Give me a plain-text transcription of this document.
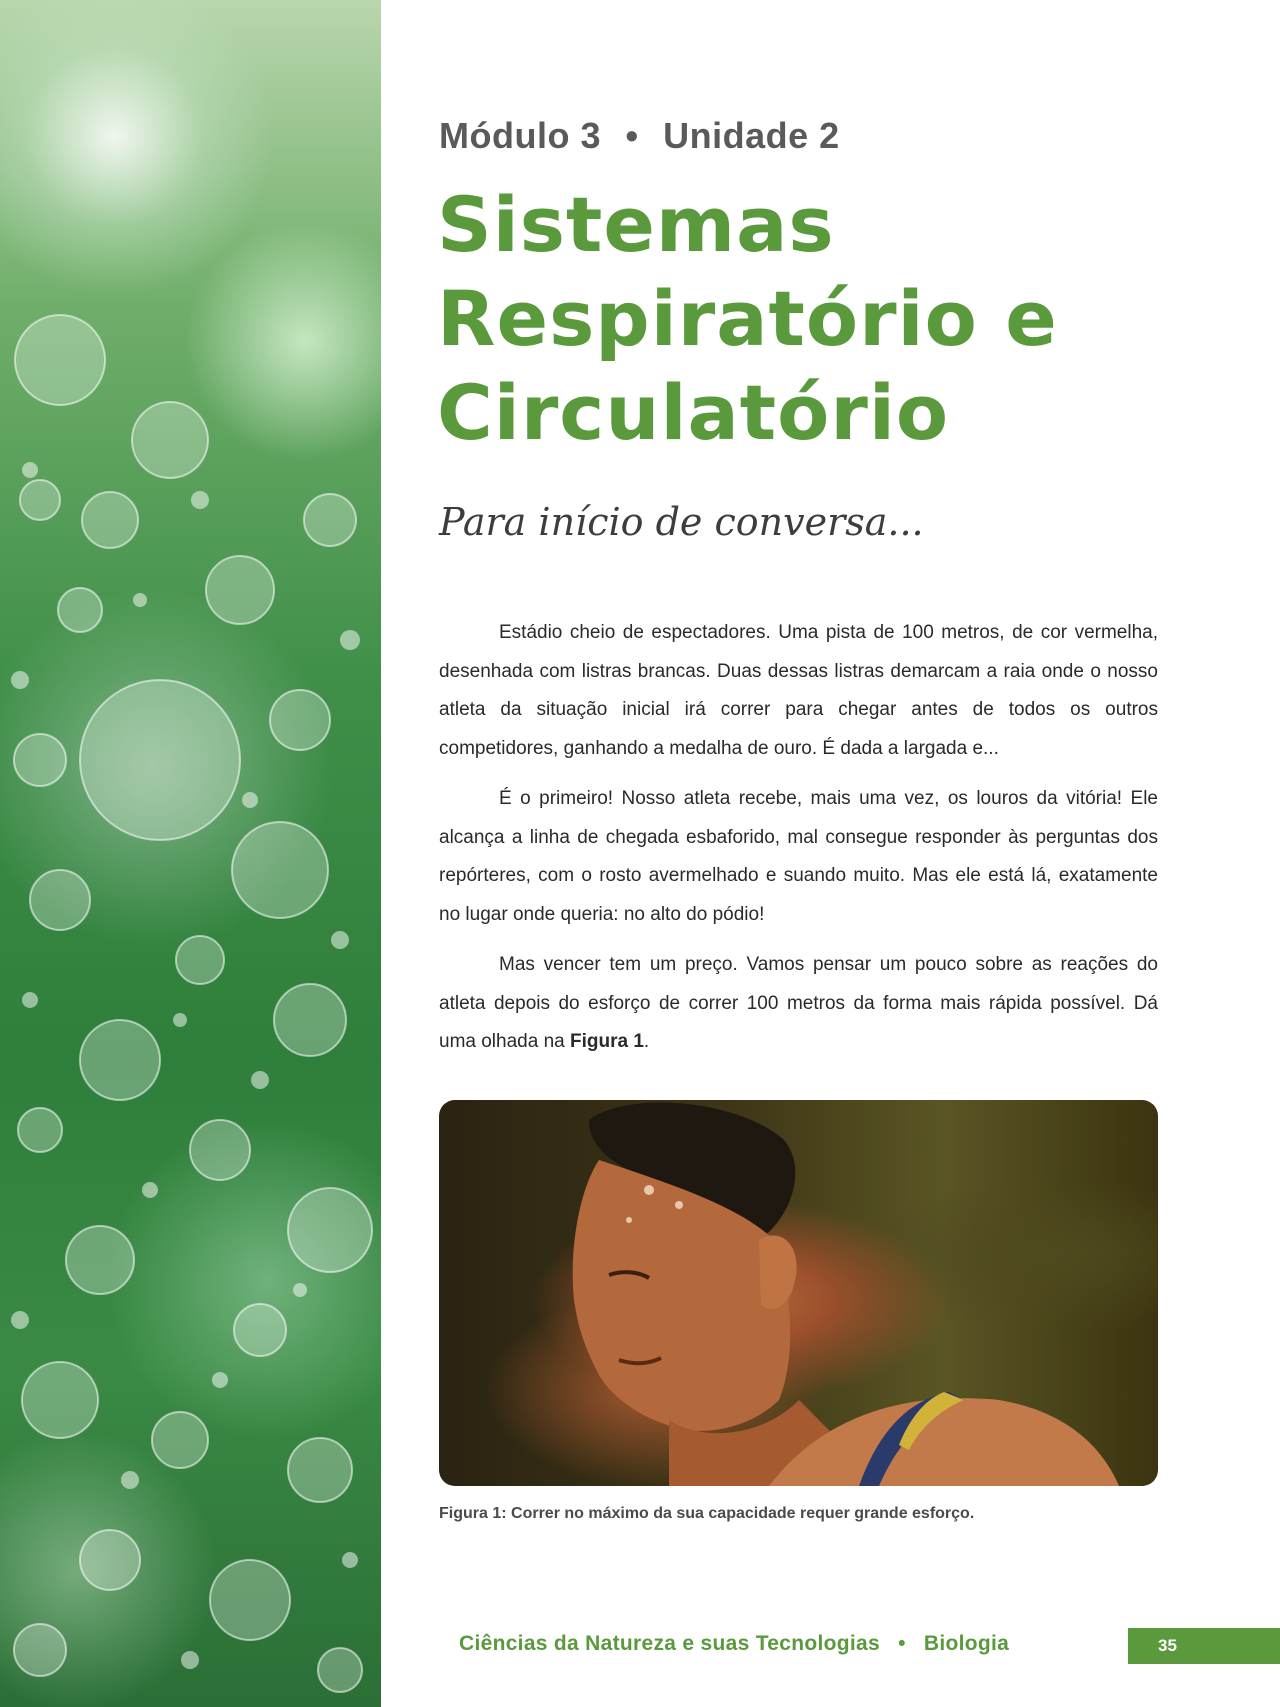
Módulo 3 • Unidade 2
Sistemas
Respiratório e
Circulatório
Para início de conversa...

Estádio cheio de espectadores. Uma pista de 100 metros, de cor vermelha, desenhada com listras brancas. Duas dessas listras demarcam a raia onde o nosso atleta da situação inicial irá correr para chegar antes de todos os outros competidores, ganhando a medalha de ouro. É dada a largada e...

É o primeiro! Nosso atleta recebe, mais uma vez, os louros da vitória! Ele alcança a linha de chegada esbaforido, mal consegue responder às perguntas dos repórteres, com o rosto avermelhado e suando muito. Mas ele está lá, exatamente no lugar onde queria: no alto do pódio!

Mas vencer tem um preço. Vamos pensar um pouco sobre as reações do atleta depois do esforço de correr 100 metros da forma mais rápida possível. Dá uma olhada na Figura 1.

Figura 1: Correr no máximo da sua capacidade requer grande esforço.
Ciências da Natureza e suas Tecnologias • Biologia	35
